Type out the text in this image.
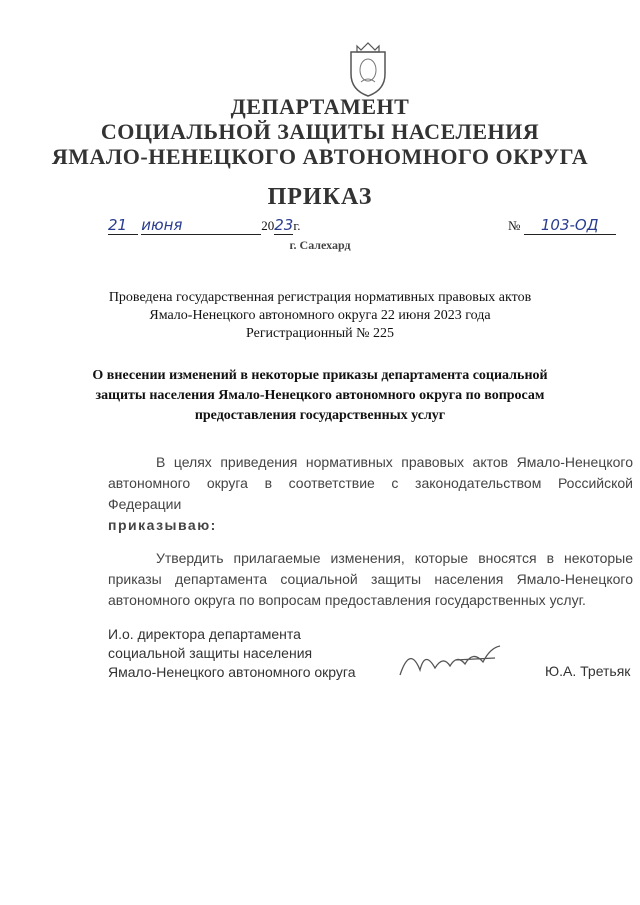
ДЕПАРТАМЕНТ
СОЦИАЛЬНОЙ ЗАЩИТЫ НАСЕЛЕНИЯ
ЯМАЛО-НЕНЕЦКОГО АВТОНОМНОГО ОКРУГА
ПРИКАЗ
21 июня	2023г.	№ 103-ОД
г. Салехард
Проведена государственная регистрация нормативных правовых актов
Ямало-Ненецкого автономного округа 22 июня 2023 года
Регистрационный № 225
О внесении изменений в некоторые приказы департамента социальной
защиты населения Ямало-Ненецкого автономного округа по вопросам
предоставления государственных услуг
В целях приведения нормативных правовых актов Ямало-Ненецкого автономного округа в соответствие с законодательством Российской Федерации
приказываю:
Утвердить прилагаемые изменения, которые вносятся в некоторые приказы департамента социальной защиты населения Ямало-Ненецкого автономного округа по вопросам предоставления государственных услуг.
И.о. директора департамента
социальной защиты населения
Ямало-Ненецкого автономного округа	Ю.А. Третьяк
